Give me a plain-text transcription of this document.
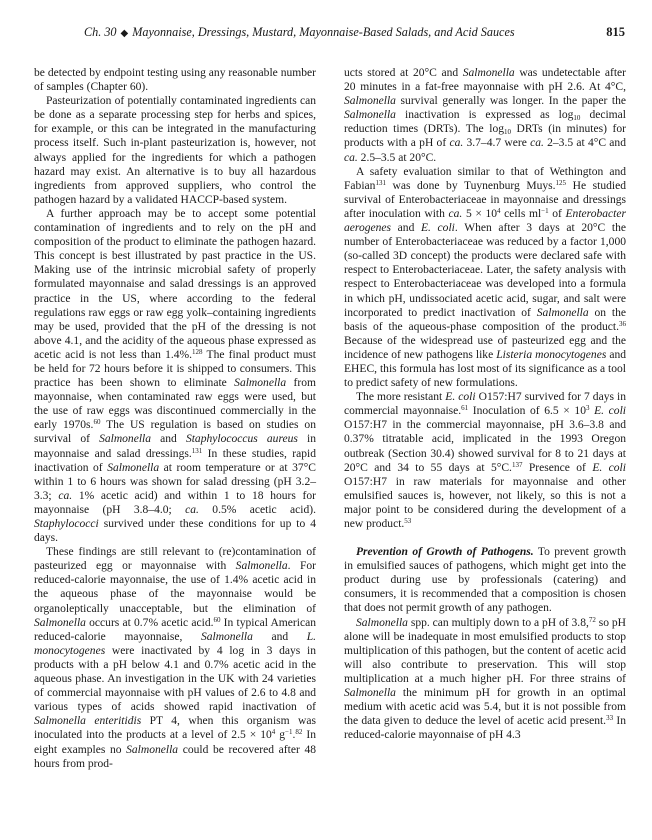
Ch. 30 ◆ Mayonnaise, Dressings, Mustard, Mayonnaise-Based Salads, and Acid Sauces	815

be detected by endpoint testing using any reasonable number of samples (Chapter 60).

Pasteurization of potentially contaminated ingredients can be done as a separate processing step for herbs and spices, for example, or this can be integrated in the manufacturing process itself. Such in-plant pasteurization is, however, not always applied for the ingredients for which a pathogen hazard may exist. An alternative is to buy all hazardous ingredients from approved suppliers, who control the pathogen hazard by a validated HACCP-based system.

A further approach may be to accept some potential contamination of ingredients and to rely on the pH and composition of the product to eliminate the pathogen hazard. This concept is best illustrated by past practice in the US. Making use of the intrinsic microbial safety of properly formulated mayonnaise and salad dressings is an approved practice in the US, where according to the federal regulations raw eggs or raw egg yolk–containing ingredients may be used, provided that the pH of the dressing is not above 4.1, and the acidity of the aqueous phase expressed as acetic acid is not less than 1.4%.$^{128}$ The final product must be held for 72 hours before it is shipped to consumers. This practice has been shown to eliminate Salmonella from mayonnaise, when contaminated raw eggs were used, but the use of raw eggs was discontinued commercially in the early 1970s.$^{60}$ The US regulation is based on studies on survival of Salmonella and Staphylococcus aureus in mayonnaise and salad dressings.$^{131}$ In these studies, rapid inactivation of Salmonella at room temperature or at 37°C within 1 to 6 hours was shown for salad dressing (pH 3.2–3.3; ca. 1% acetic acid) and within 1 to 18 hours for mayonnaise (pH 3.8–4.0; ca. 0.5% acetic acid). Staphylococci survived under these conditions for up to 4 days.

These findings are still relevant to (re)contamination of pasteurized egg or mayonnaise with Salmonella. For reduced-calorie mayonnaise, the use of 1.4% acetic acid in the aqueous phase of the mayonnaise would be organoleptically unacceptable, but the elimination of Salmonella occurs at 0.7% acetic acid.$^{60}$ In typical American reduced-calorie mayonnaise, Salmonella and L. monocytogenes were inactivated by 4 log in 3 days in products with a pH below 4.1 and 0.7% acetic acid in the aqueous phase. An investigation in the UK with 24 varieties of commercial mayonnaise with pH values of 2.6 to 4.8 and various types of acids showed rapid inactivation of Salmonella enteritidis PT 4, when this organism was inoculated into the products at a level of $2.5 \times 10^4$ $g^{-1}.^{82}$ In eight examples no Salmonella could be recovered after 48 hours from prod-

ucts stored at 20°C and Salmonella was undetectable after 20 minutes in a fat-free mayonnaise with pH 2.6. At 4°C, Salmonella survival generally was longer. In the paper the Salmonella inactivation is expressed as $\log_{10}$ decimal reduction times (DRTs). The $\log_{10}$ DRTs (in minutes) for products with a pH of ca. 3.7–4.7 were ca. 2–3.5 at 4°C and ca. 2.5–3.5 at 20°C.

A safety evaluation similar to that of Wethington and Fabian$^{131}$ was done by Tuynenburg Muys.$^{125}$ He studied survival of Enterobacteriaceae in mayonnaise and dressings after inoculation with ca. $5 \times 10^4$ cells $ml^{-1}$ of Enterobacter aerogenes and E. coli. When after 3 days at 20°C the number of Enterobacteriaceae was reduced by a factor 1,000 (so-called 3D concept) the products were declared safe with respect to Enterobacteriaceae. Later, the safety analysis with respect to Enterobacteriaceae was developed into a formula in which pH, undissociated acetic acid, sugar, and salt were incorporated to predict inactivation of Salmonella on the basis of the aqueous-phase composition of the product.$^{36}$ Because of the widespread use of pasteurized egg and the incidence of new pathogens like Listeria monocytogenes and EHEC, this formula has lost most of its significance as a tool to predict safety of new formulations.

The more resistant E. coli O157:H7 survived for 7 days in commercial mayonnaise.$^{61}$ Inoculation of $6.5 \times 10^3$ E. coli O157:H7 in the commercial mayonnaise, pH 3.6–3.8 and 0.37% titratable acid, implicated in the 1993 Oregon outbreak (Section 30.4) showed survival for 8 to 21 days at 20°C and 34 to 55 days at 5°C.$^{137}$ Presence of E. coli O157:H7 in raw materials for mayonnaise and other emulsified sauces is, however, not likely, so this is not a major point to be considered during the development of a new product.$^{53}$

Prevention of Growth of Pathogens. To prevent growth in emulsified sauces of pathogens, which might get into the product during use by professionals (catering) and consumers, it is recommended that a composition is chosen that does not permit growth of any pathogen.

Salmonella spp. can multiply down to a pH of 3.8,72 so pH alone will be inadequate in most emulsified products to stop multiplication of this pathogen, but the content of acetic acid will also contribute to preservation. This will stop multiplication at a much higher pH. For three strains of Salmonella the minimum pH for growth in an optimal medium with acetic acid was 5.4, but it is not possible from the data given to deduce the level of acetic acid present.$^{33}$ In reduced-calorie mayonnaise of pH 4.3
